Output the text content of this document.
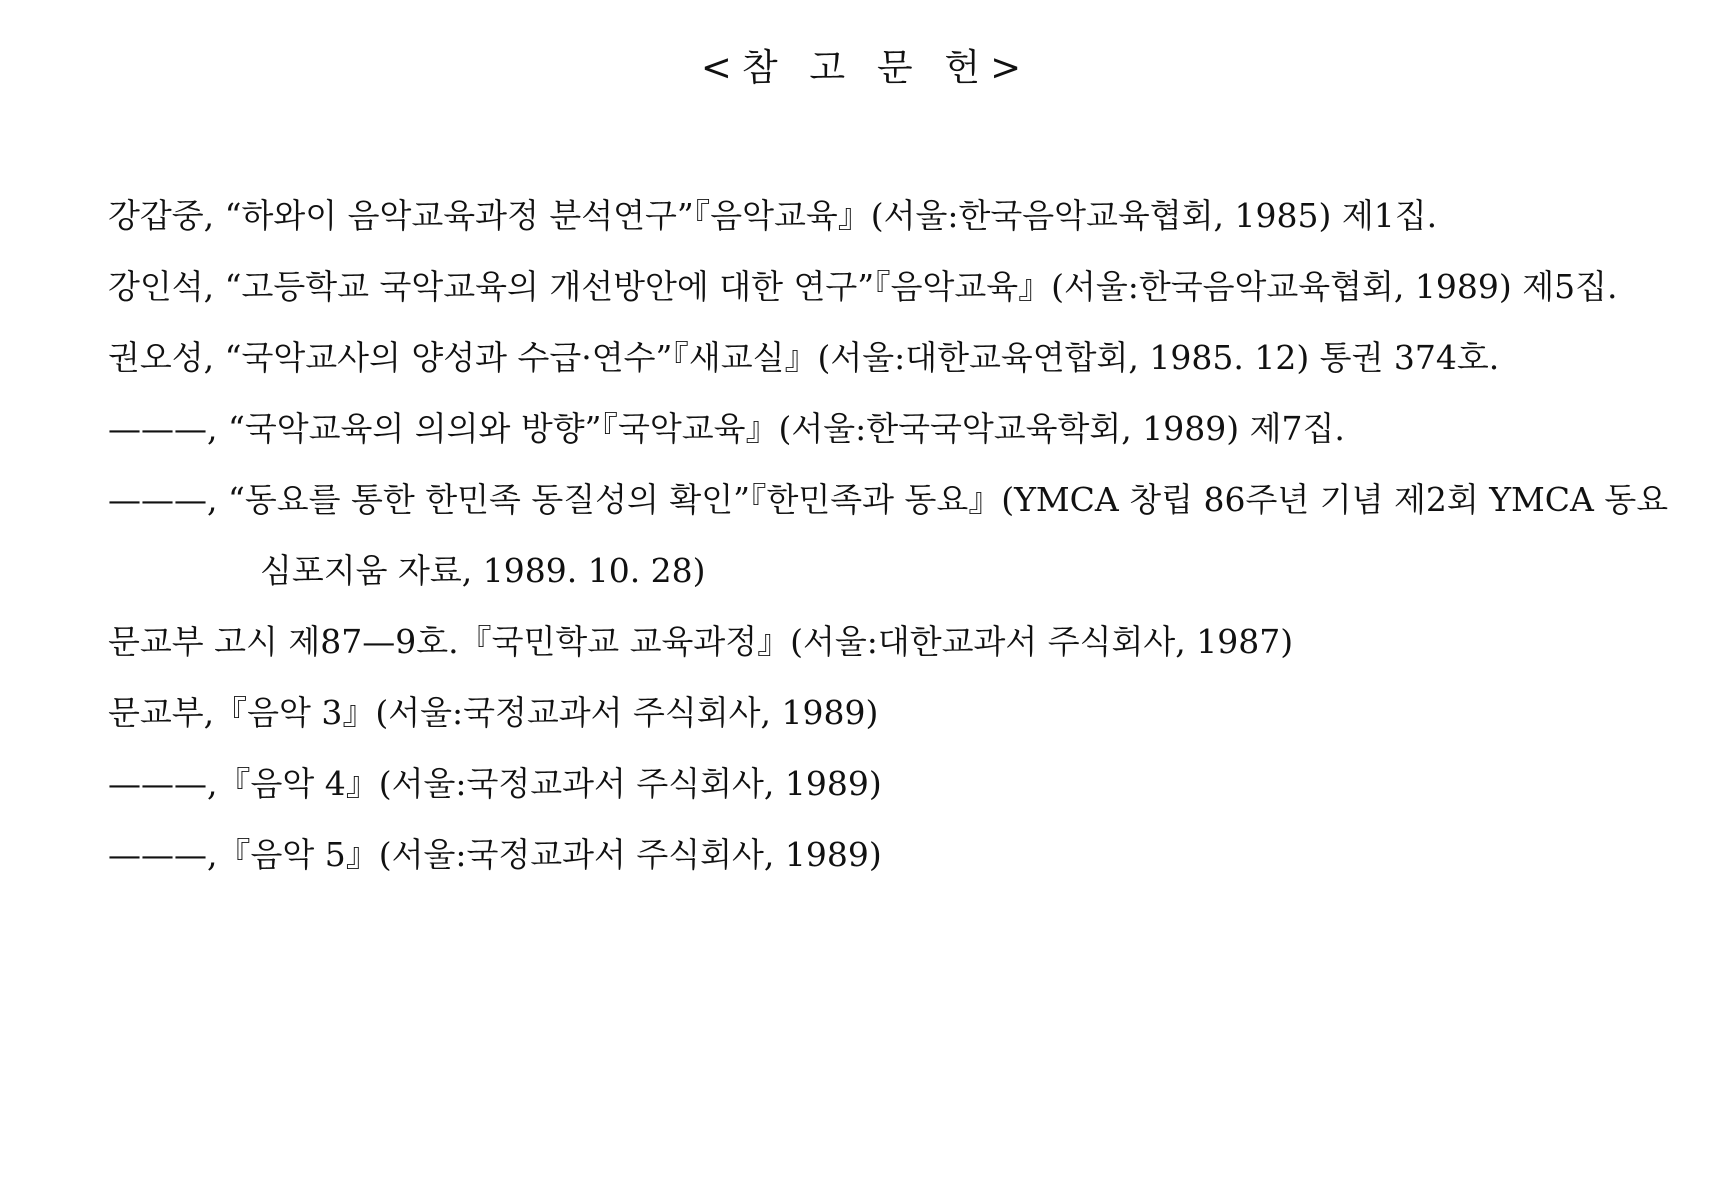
<참 고 문 헌>
강갑중, “하와이 음악교육과정 분석연구”『음악교육』(서울:한국음악교육협회, 1985) 제1집.
강인석, “고등학교 국악교육의 개선방안에 대한 연구”『음악교육』(서울:한국음악교육협회, 1989) 제5집.
권오성, “국악교사의 양성과 수급·연수”『새교실』(서울:대한교육연합회, 1985. 12) 통권 374호.
———, “국악교육의 의의와 방향”『국악교육』(서울:한국국악교육학회, 1989) 제7집.
———, “동요를 통한 한민족 동질성의 확인”『한민족과 동요』(YMCA 창립 86주년 기념 제2회 YMCA 동요 심포지움 자료, 1989. 10. 28)
문교부 고시 제87—9호.『국민학교 교육과정』(서울:대한교과서 주식회사, 1987)
문교부,『음악 3』(서울:국정교과서 주식회사, 1989)
———,『음악 4』(서울:국정교과서 주식회사, 1989)
———,『음악 5』(서울:국정교과서 주식회사, 1989)
